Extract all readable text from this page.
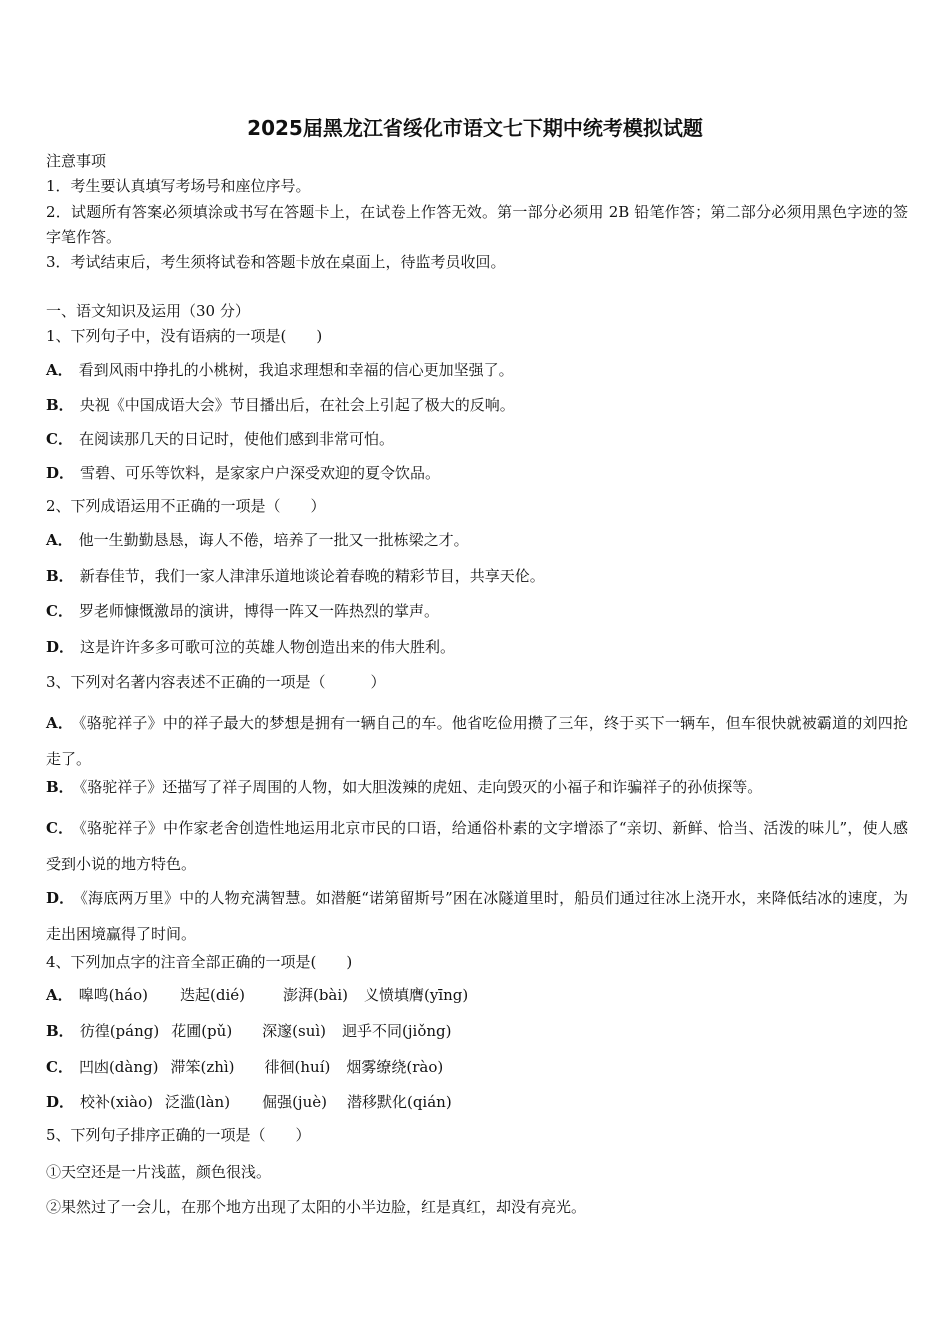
2025届黑龙江省绥化市语文七下期中统考模拟试题
注意事项
1．考生要认真填写考场号和座位序号。
2．试题所有答案必须填涂或书写在答题卡上，在试卷上作答无效。第一部分必须用 2B 铅笔作答；第二部分必须用黑色字迹的签字笔作答。
3．考试结束后，考生须将试卷和答题卡放在桌面上，待监考员收回。
一、语文知识及运用（30 分）
1、下列句子中，没有语病的一项是(　　)
A． 看到风雨中挣扎的小桃树，我追求理想和幸福的信心更加坚强了。
B． 央视《中国成语大会》节目播出后，在社会上引起了极大的反响。
C． 在阅读那几天的日记时，使他们感到非常可怕。
D． 雪碧、可乐等饮料，是家家户户深受欢迎的夏令饮品。
2、下列成语运用不正确的一项是（　　）
A． 他一生勤勤恳恳，诲人不倦，培养了一批又一批栋梁之才。
B． 新春佳节，我们一家人津津乐道地谈论着春晚的精彩节目，共享天伦。
C． 罗老师慷慨激昂的演讲，博得一阵又一阵热烈的掌声。
D． 这是许许多多可歌可泣的英雄人物创造出来的伟大胜利。
3、下列对名著内容表述不正确的一项是（　　　）
A． 《骆驼祥子》中的祥子最大的梦想是拥有一辆自己的车。他省吃俭用攒了三年，终于买下一辆车，但车很快就被霸道的刘四抢走了。
B． 《骆驼祥子》还描写了祥子周围的人物，如大胆泼辣的虎妞、走向毁灭的小福子和诈骗祥子的孙侦探等。
C． 《骆驼祥子》中作家老舍创造性地运用北京市民的口语，给通俗朴素的文字增添了“亲切、新鲜、恰当、活泼的味儿”，使人感受到小说的地方特色。
D． 《海底两万里》中的人物充满智慧。如潜艇“诺第留斯号”困在冰隧道里时，船员们通过往冰上浇开水，来降低结冰的速度，为走出困境赢得了时间。
4、下列加点字的注音全部正确的一项是(　　)
A． 嗥鸣(háo) 迭起(dié)	澎湃(bài) 义愤填膺(yīng)
B． 彷徨(páng) 花圃(pǔ) 深邃(suì) 迥乎不同(jiǒng)
C． 凹凼(dàng) 滞笨(zhì) 徘徊(huí) 烟雾缭绕(rào)
D． 校补(xiào) 泛滥(làn) 倔强(juè) 潜移默化(qián)
5、下列句子排序正确的一项是（　　）
①天空还是一片浅蓝，颜色很浅。
②果然过了一会儿，在那个地方出现了太阳的小半边脸，红是真红，却没有亮光。
